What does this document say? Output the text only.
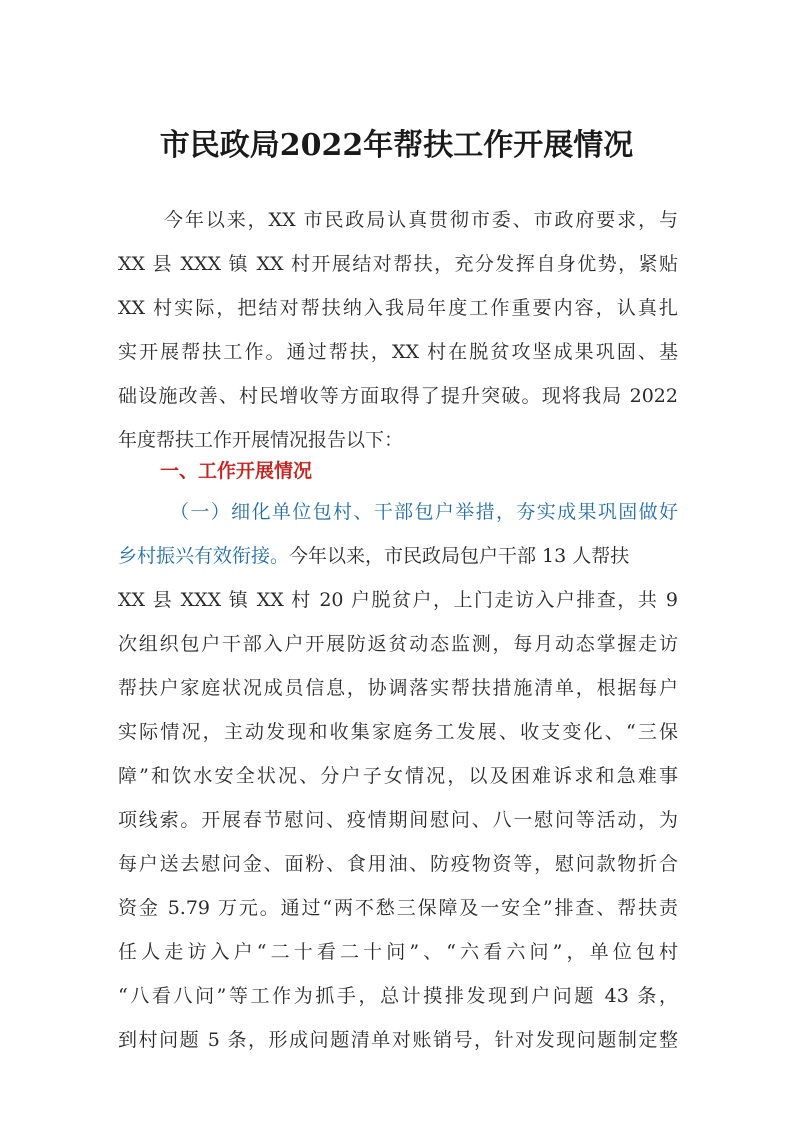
市民政局2022年帮扶工作开展情况
今年以来，XX 市民政局认真贯彻市委、市政府要求，与
XX 县 XXX 镇 XX 村开展结对帮扶，充分发挥自身优势，紧贴
XX 村实际，把结对帮扶纳入我局年度工作重要内容，认真扎
实开展帮扶工作。通过帮扶，XX 村在脱贫攻坚成果巩固、基
础设施改善、村民增收等方面取得了提升突破。现将我局 2022
年度帮扶工作开展情况报告以下：
一、工作开展情况
（一）细化单位包村、干部包户举措，夯实成果巩固做好
乡村振兴有效衔接。今年以来，市民政局包户干部 13 人帮扶
XX 县 XXX 镇 XX 村 20 户脱贫户，上门走访入户排查，共 9
次组织包户干部入户开展防返贫动态监测，每月动态掌握走访
帮扶户家庭状况成员信息，协调落实帮扶措施清单，根据每户
实际情况，主动发现和收集家庭务工发展、收支变化、“三保
障”和饮水安全状况、分户子女情况，以及困难诉求和急难事
项线索。开展春节慰问、疫情期间慰问、八一慰问等活动，为
每户送去慰问金、面粉、食用油、防疫物资等，慰问款物折合
资金 5.79 万元。通过“两不愁三保障及一安全”排查、帮扶责
任人走访入户“二十看二十问”、“六看六问”，单位包村
“八看八问”等工作为抓手，总计摸排发现到户问题 43 条，
到村问题 5 条，形成问题清单对账销号，针对发现问题制定整
